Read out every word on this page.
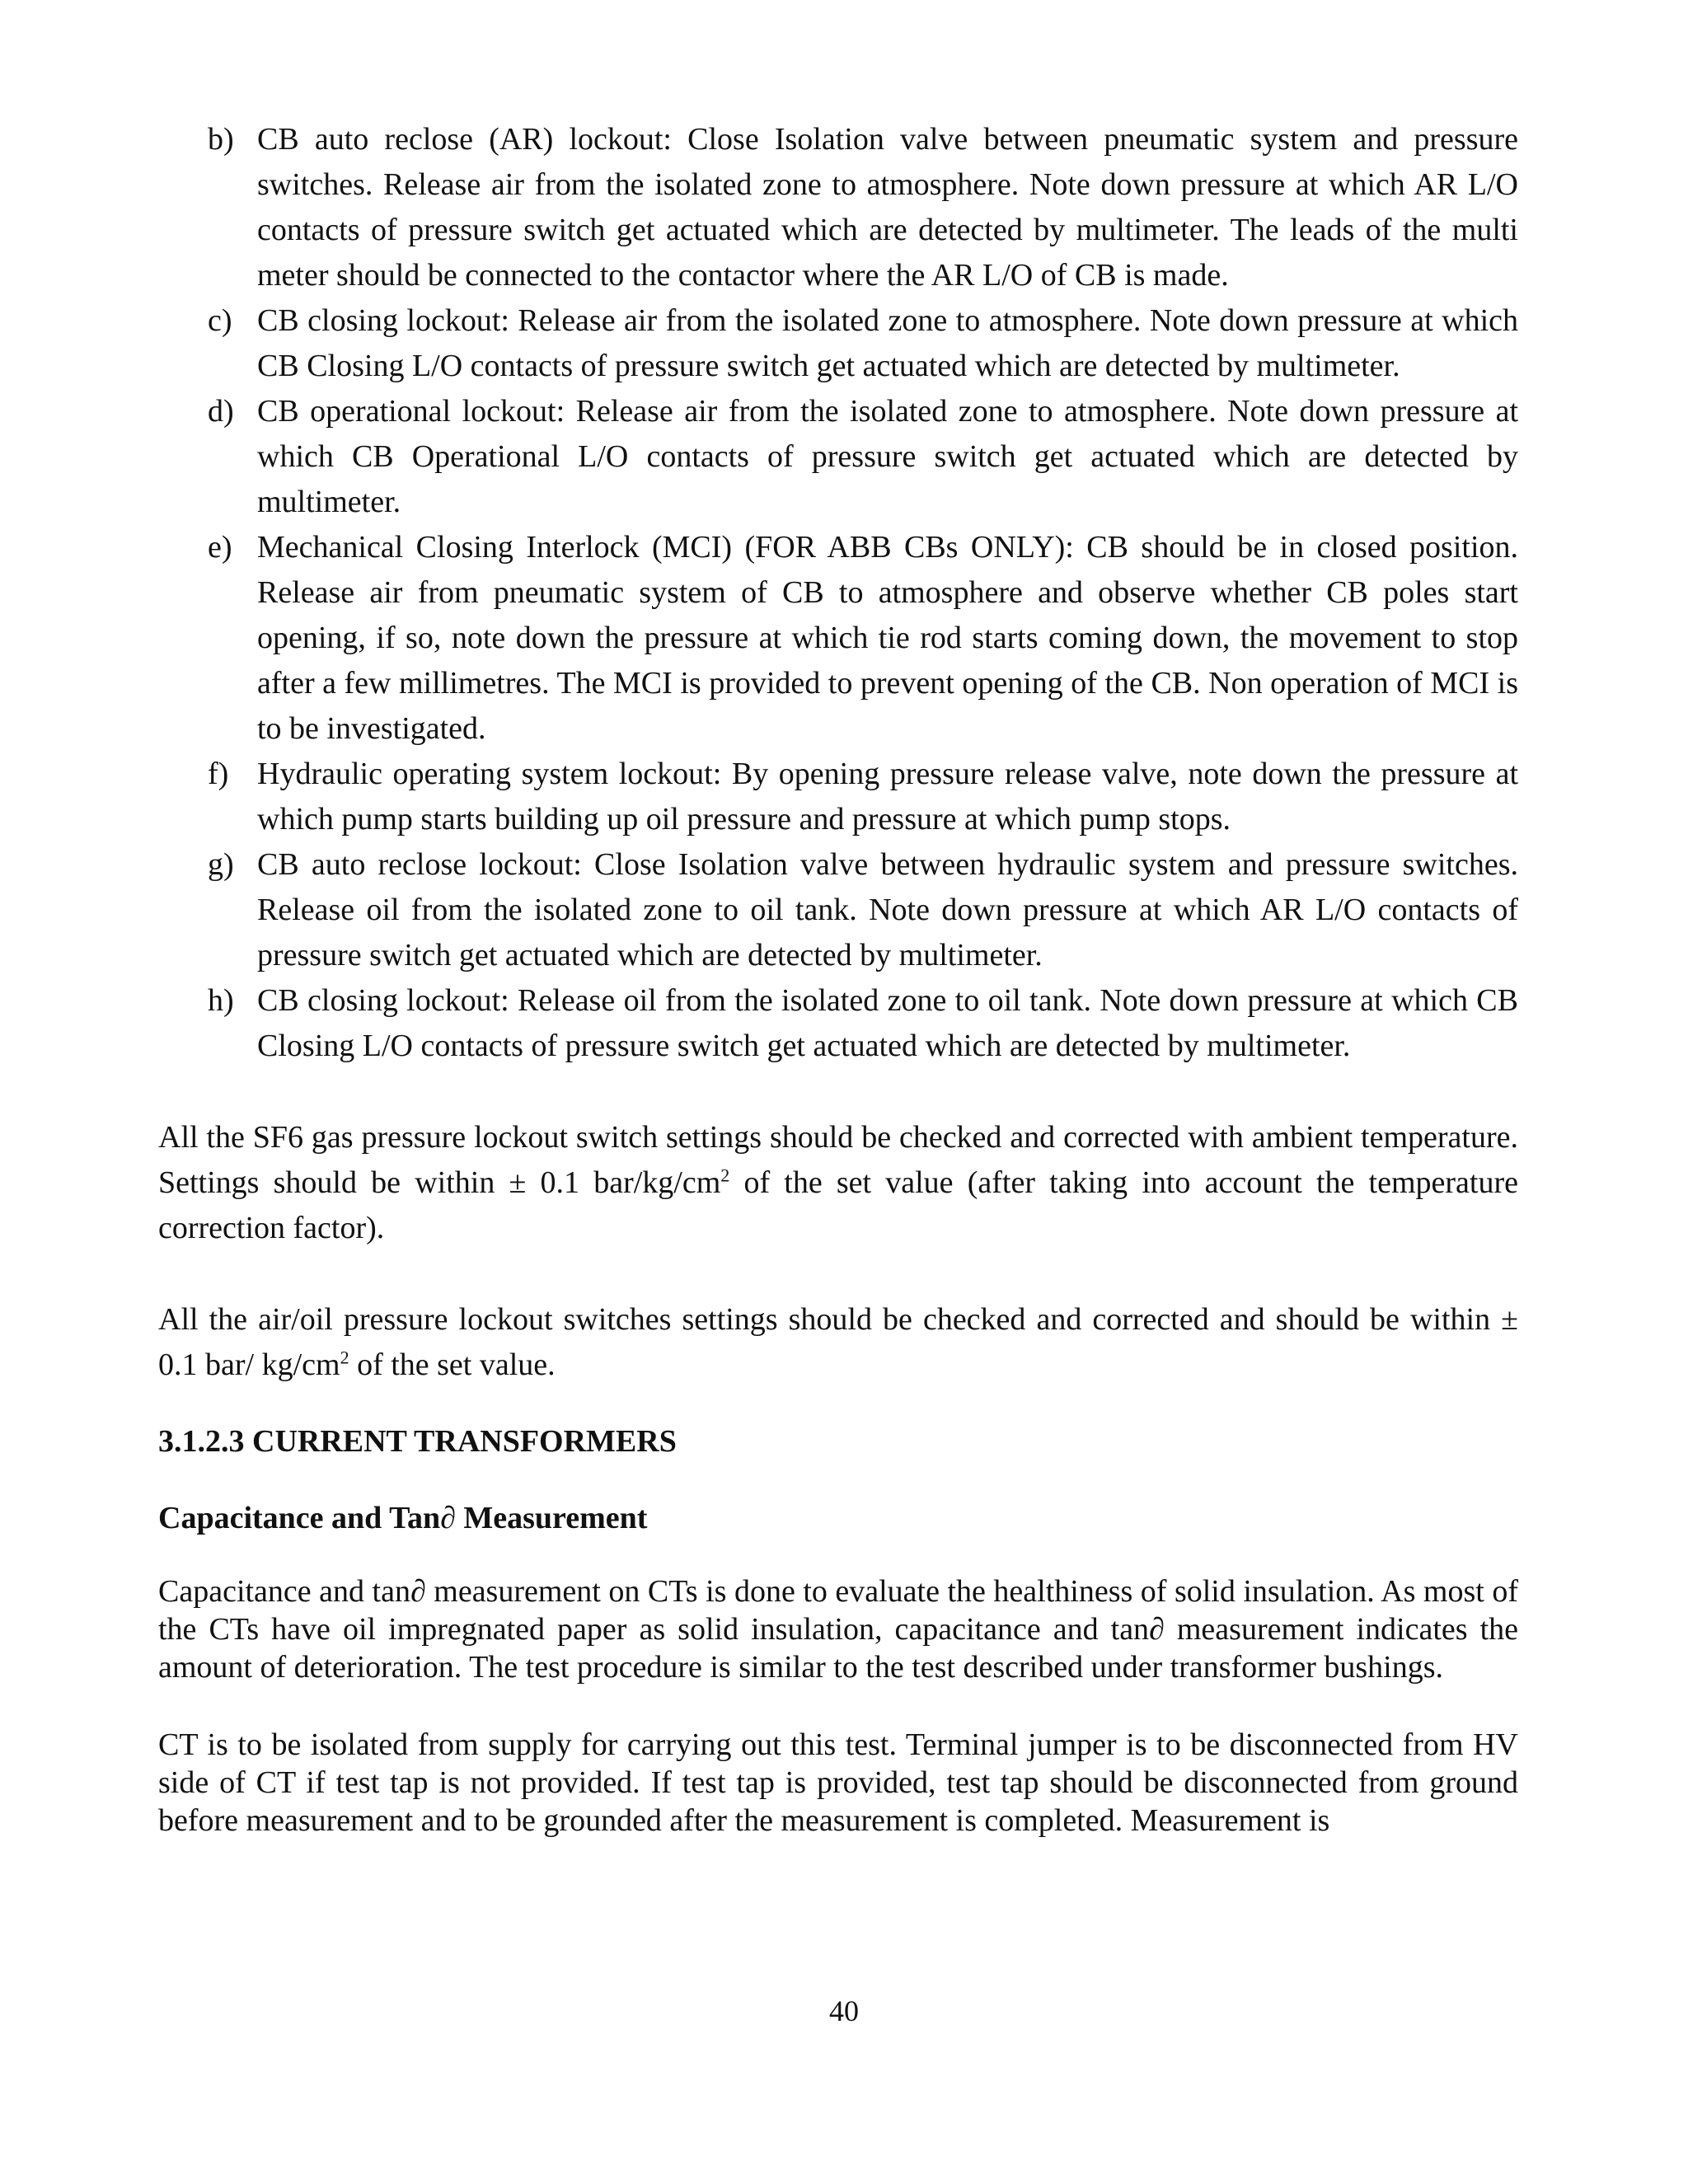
b) CB auto reclose (AR) lockout: Close Isolation valve between pneumatic system and pressure switches. Release air from the isolated zone to atmosphere. Note down pressure at which AR L/O contacts of pressure switch get actuated which are detected by multimeter. The leads of the multi meter should be connected to the contactor where the AR L/O of CB is made.
c) CB closing lockout: Release air from the isolated zone to atmosphere. Note down pressure at which CB Closing L/O contacts of pressure switch get actuated which are detected by multimeter.
d) CB operational lockout: Release air from the isolated zone to atmosphere. Note down pressure at which CB Operational L/O contacts of pressure switch get actuated which are detected by multimeter.
e) Mechanical Closing Interlock (MCI) (FOR ABB CBs ONLY): CB should be in closed position. Release air from pneumatic system of CB to atmosphere and observe whether CB poles start opening, if so, note down the pressure at which tie rod starts coming down, the movement to stop after a few millimetres. The MCI is provided to prevent opening of the CB. Non operation of MCI is to be investigated.
f) Hydraulic operating system lockout: By opening pressure release valve, note down the pressure at which pump starts building up oil pressure and pressure at which pump stops.
g) CB auto reclose lockout: Close Isolation valve between hydraulic system and pressure switches. Release oil from the isolated zone to oil tank. Note down pressure at which AR L/O contacts of pressure switch get actuated which are detected by multimeter.
h) CB closing lockout: Release oil from the isolated zone to oil tank. Note down pressure at which CB Closing L/O contacts of pressure switch get actuated which are detected by multimeter.

All the SF6 gas pressure lockout switch settings should be checked and corrected with ambient temperature. Settings should be within ± 0.1 bar/$kg/cm^2$ of the set value (after taking into account the temperature correction factor).

All the air/oil pressure lockout switches settings should be checked and corrected and should be within ± 0.1 bar/ $kg/cm^2$ of the set value.

3.1.2.3 CURRENT TRANSFORMERS
Capacitance and Tan∂ Measurement

Capacitance and tan∂ measurement on CTs is done to evaluate the healthiness of solid insulation. As most of the CTs have oil impregnated paper as solid insulation, capacitance and tan∂ measurement indicates the amount of deterioration. The test procedure is similar to the test described under transformer bushings.

CT is to be isolated from supply for carrying out this test. Terminal jumper is to be disconnected from HV side of CT if test tap is not provided. If test tap is provided, test tap should be disconnected from ground before measurement and to be grounded after the measurement is completed. Measurement is

40
